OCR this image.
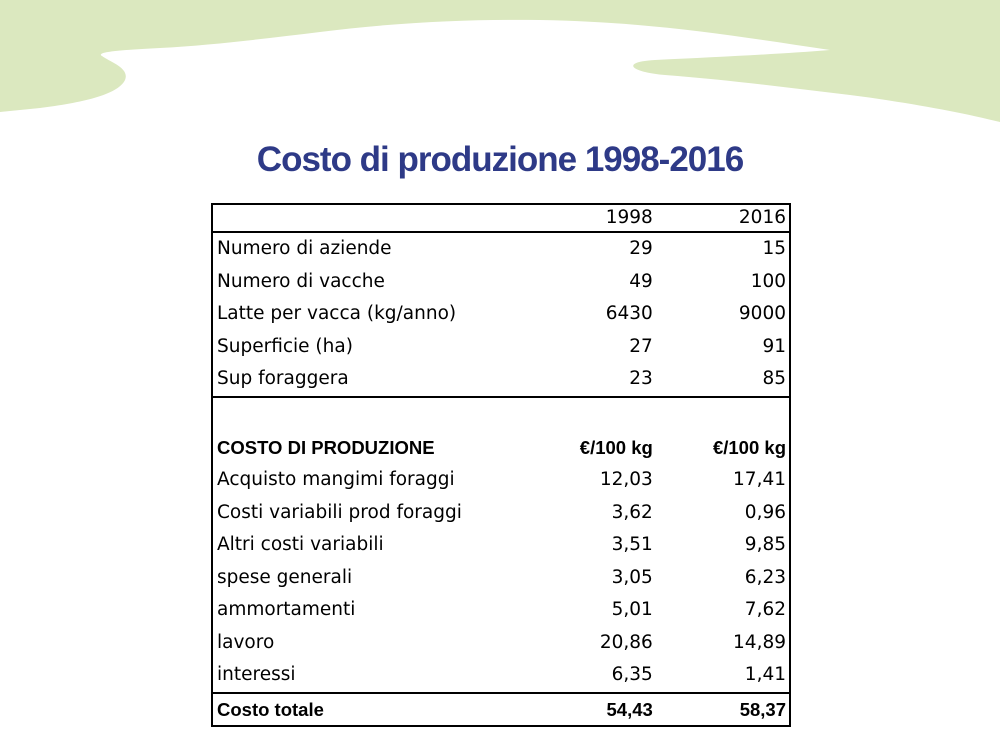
Costo di produzione 1998-2016
	1998	2016
Numero di aziende	29	15
Numero di vacche	49	100
Latte per vacca (kg/anno)	6430	9000
Superficie (ha)	27	91
Sup foraggera	23	85

COSTO DI PRODUZIONE	€/100 kg	€/100 kg
Acquisto mangimi foraggi	12,03	17,41
Costi variabili prod foraggi	3,62	0,96
Altri costi variabili	3,51	9,85
spese generali	3,05	6,23
ammortamenti	5,01	7,62
lavoro	20,86	14,89
interessi	6,35	1,41
Costo totale	54,43	58,37
